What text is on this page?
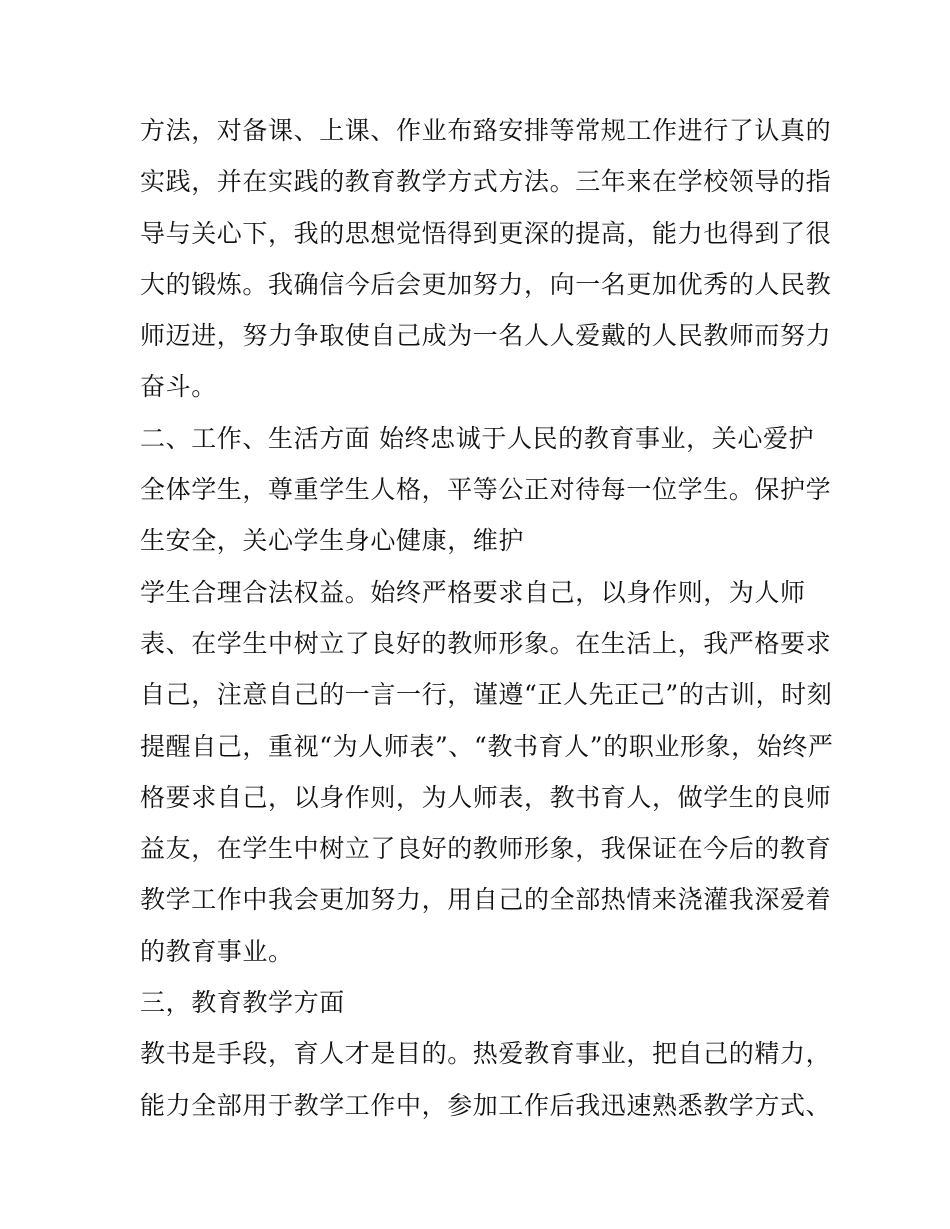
方法，对备课、上课、作业布臵安排等常规工作进行了认真的
实践，并在实践的教育教学方式方法。三年来在学校领导的指
导与关心下，我的思想觉悟得到更深的提高，能力也得到了很
大的锻炼。我确信今后会更加努力，向一名更加优秀的人民教
师迈进，努力争取使自己成为一名人人爱戴的人民教师而努力
奋斗。
二、工作、生活方面 始终忠诚于人民的教育事业，关心爱护
全体学生，尊重学生人格，平等公正对待每一位学生。保护学
生安全，关心学生身心健康，维护
学生合理合法权益。始终严格要求自己，以身作则，为人师
表、在学生中树立了良好的教师形象。在生活上，我严格要求
自己，注意自己的一言一行，谨遵“正人先正己”的古训，时刻
提醒自己，重视“为人师表”、“教书育人”的职业形象，始终严
格要求自己，以身作则，为人师表，教书育人，做学生的良师
益友，在学生中树立了良好的教师形象，我保证在今后的教育
教学工作中我会更加努力，用自己的全部热情来浇灌我深爱着
的教育事业。
三，教育教学方面
教书是手段，育人才是目的。热爱教育事业，把自己的精力，
能力全部用于教学工作中，参加工作后我迅速熟悉教学方式、
